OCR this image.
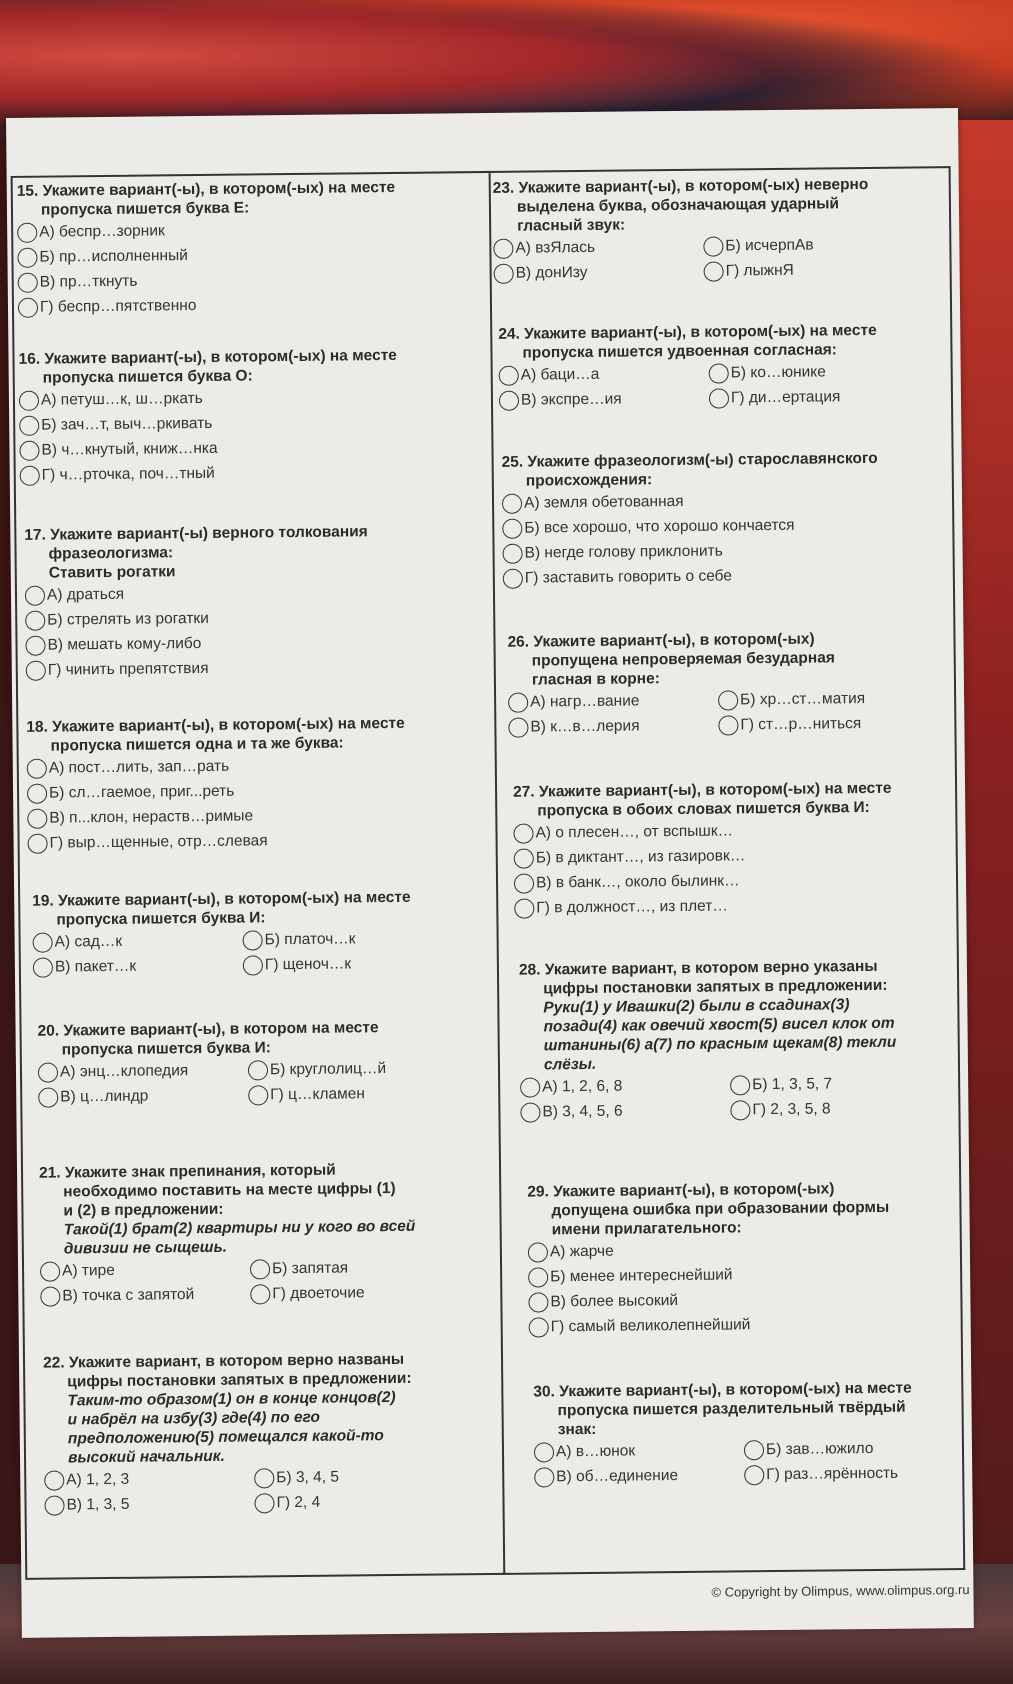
15. Укажите вариант(-ы), в котором(-ых) на месте
пропуска пишется буква Е:
А) беспр…зорник
Б) пр…исполненный
В) пр…ткнуть
Г) беспр…пятственно
16. Укажите вариант(-ы), в котором(-ых) на месте
пропуска пишется буква О:
А) петуш…к, ш…ркать
Б) зач…т, выч…ркивать
В) ч…кнутый, книж…нка
Г) ч…рточка, поч…тный
17. Укажите вариант(-ы) верного толкования
фразеологизма:
Ставить рогатки
А) драться
Б) стрелять из рогатки
В) мешать кому-либо
Г) чинить препятствия
18. Укажите вариант(-ы), в котором(-ых) на месте
пропуска пишется одна и та же буква:
А) пост…лить, зап…рать
Б) сл…гаемое, приг...реть
В) п...клон, нераств…римые
Г) выр…щенные, отр…слевая
19. Укажите вариант(-ы), в котором(-ых) на месте
пропуска пишется буква И:
А) сад…к	Б) платоч…к
В) пакет…к	Г) щеноч…к
20. Укажите вариант(-ы), в котором на месте
пропуска пишется буква И:
А) энц…клопедия	Б) круглолиц…й
В) ц…линдр	Г) ц…кламен
21. Укажите знак препинания, который
необходимо поставить на месте цифры (1)
и (2) в предложении:
Такой(1) брат(2) квартиры ни у кого во всей
дивизии не сыщешь.
А) тире	Б) запятая
В) точка с запятой	Г) двоеточие
22. Укажите вариант, в котором верно названы
цифры постановки запятых в предложении:
Таким-то образом(1) он в конце концов(2)
и набрёл на избу(3) где(4) по его
предположению(5) помещался какой-то
высокий начальник.
А) 1, 2, 3	Б) 3, 4, 5
В) 1, 3, 5	Г) 2, 4
23. Укажите вариант(-ы), в котором(-ых) неверно
выделена буква, обозначающая ударный
гласный звук:
А) взЯлась	Б) исчерпАв
В) донИзу	Г) лыжнЯ
24. Укажите вариант(-ы), в котором(-ых) на месте
пропуска пишется удвоенная согласная:
А) баци…а	Б) ко…юнике
В) экспре…ия	Г) ди…ертация
25. Укажите фразеологизм(-ы) старославянского
происхождения:
А) земля обетованная
Б) все хорошо, что хорошо кончается
В) негде голову приклонить
Г) заставить говорить о себе
26. Укажите вариант(-ы), в котором(-ых)
пропущена непроверяемая безударная
гласная в корне:
А) нагр…вание	Б) хр…ст…матия
В) к…в…лерия	Г) ст…р…ниться
27. Укажите вариант(-ы), в котором(-ых) на месте
пропуска в обоих словах пишется буква И:
А) о плесен…, от вспышк…
Б) в диктант…, из газировк…
В) в банк…, около былинк…
Г) в должност…, из плет…
28. Укажите вариант, в котором верно указаны
цифры постановки запятых в предложении:
Руки(1) у Ивашки(2) были в ссадинах(3)
позади(4) как овечий хвост(5) висел клок от
штанины(6) а(7) по красным щекам(8) текли
слёзы.
А) 1, 2, 6, 8	Б) 1, 3, 5, 7
В) 3, 4, 5, 6	Г) 2, 3, 5, 8
29. Укажите вариант(-ы), в котором(-ых)
допущена ошибка при образовании формы
имени прилагательного:
А) жарче
Б) менее интереснейший
В) более высокий
Г) самый великолепнейший
30. Укажите вариант(-ы), в котором(-ых) на месте
пропуска пишется разделительный твёрдый
знак:
А) в…юнок	Б) зав…южило
В) об…единение	Г) раз…ярённость
© Copyright by Olimpus, www.olimpus.org.ru
